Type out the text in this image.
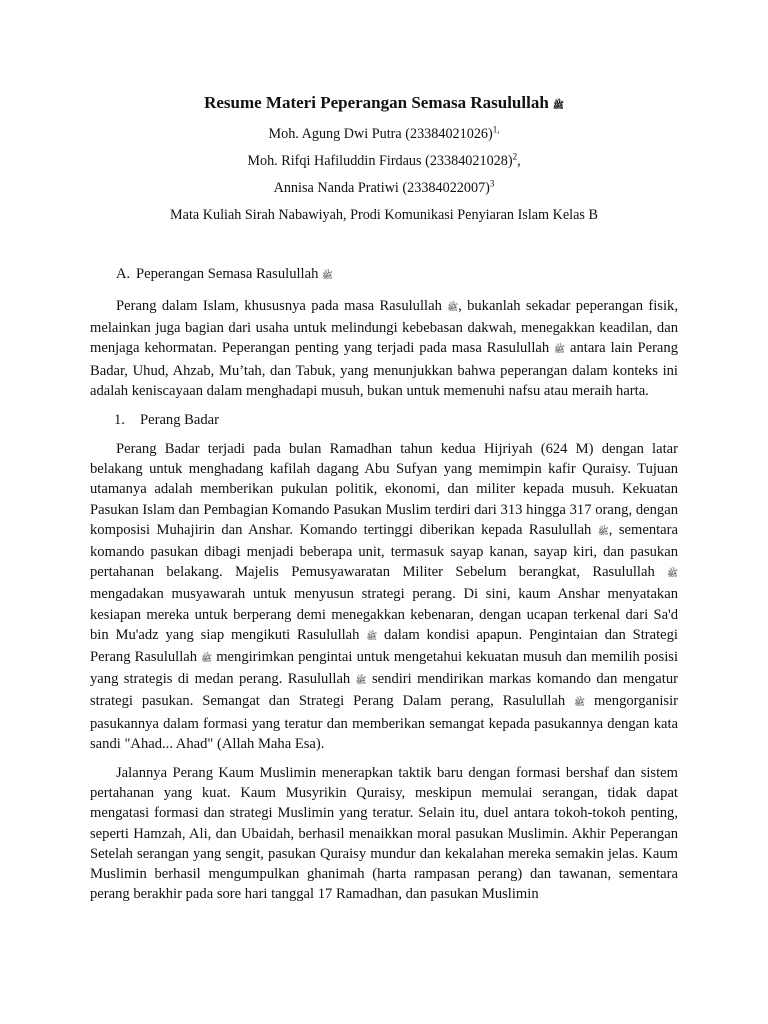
Resume Materi Peperangan Semasa Rasulullah ﷺ
Moh. Agung Dwi Putra $(23384021026)^{1,}$
Moh. Rifqi Hafiluddin Firdaus $(23384021028)^2$,
Annisa Nanda Pratiwi $(23384022007)^3$
Mata Kuliah Sirah Nabawiyah, Prodi Komunikasi Penyiaran Islam Kelas B
A. Peperangan Semasa Rasulullah ﷺ

Perang dalam Islam, khususnya pada masa Rasulullah ﷺ, bukanlah sekadar peperangan fisik, melainkan juga bagian dari usaha untuk melindungi kebebasan dakwah, menegakkan keadilan, dan menjaga kehormatan. Peperangan penting yang terjadi pada masa Rasulullah ﷺ antara lain Perang Badar, Uhud, Ahzab, Mu’tah, dan Tabuk, yang menunjukkan bahwa peperangan dalam konteks ini adalah keniscayaan dalam menghadapi musuh, bukan untuk memenuhi nafsu atau meraih harta.

1. Perang Badar

Perang Badar terjadi pada bulan Ramadhan tahun kedua Hijriyah (624 M) dengan latar belakang untuk menghadang kafilah dagang Abu Sufyan yang memimpin kafir Quraisy. Tujuan utamanya adalah memberikan pukulan politik, ekonomi, dan militer kepada musuh. Kekuatan Pasukan Islam dan Pembagian Komando Pasukan Muslim terdiri dari 313 hingga 317 orang, dengan komposisi Muhajirin dan Anshar. Komando tertinggi diberikan kepada Rasulullah ﷺ, sementara komando pasukan dibagi menjadi beberapa unit, termasuk sayap kanan, sayap kiri, dan pasukan pertahanan belakang. Majelis Pemusyawaratan Militer Sebelum berangkat, Rasulullah ﷺ mengadakan musyawarah untuk menyusun strategi perang. Di sini, kaum Anshar menyatakan kesiapan mereka untuk berperang demi menegakkan kebenaran, dengan ucapan terkenal dari Sa'd bin Mu'adz yang siap mengikuti Rasulullah ﷺ dalam kondisi apapun. Pengintaian dan Strategi Perang Rasulullah ﷺ mengirimkan pengintai untuk mengetahui kekuatan musuh dan memilih posisi yang strategis di medan perang. Rasulullah ﷺ sendiri mendirikan markas komando dan mengatur strategi pasukan. Semangat dan Strategi Perang Dalam perang, Rasulullah ﷺ mengorganisir pasukannya dalam formasi yang teratur dan memberikan semangat kepada pasukannya dengan kata sandi "Ahad... Ahad" (Allah Maha Esa).

Jalannya Perang Kaum Muslimin menerapkan taktik baru dengan formasi bershaf dan sistem pertahanan yang kuat. Kaum Musyrikin Quraisy, meskipun memulai serangan, tidak dapat mengatasi formasi dan strategi Muslimin yang teratur. Selain itu, duel antara tokoh-tokoh penting, seperti Hamzah, Ali, dan Ubaidah, berhasil menaikkan moral pasukan Muslimin. Akhir Peperangan Setelah serangan yang sengit, pasukan Quraisy mundur dan kekalahan mereka semakin jelas. Kaum Muslimin berhasil mengumpulkan ghanimah (harta rampasan perang) dan tawanan, sementara perang berakhir pada sore hari tanggal 17 Ramadhan, dan pasukan Muslimin
